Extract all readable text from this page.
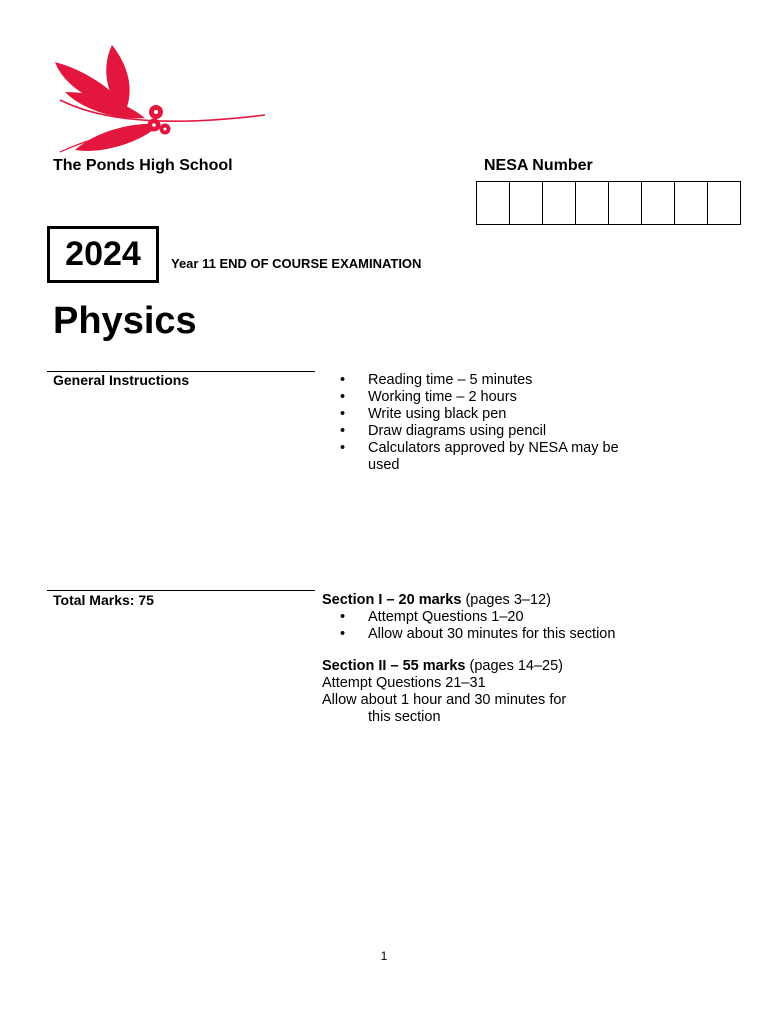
The Ponds High School	NESA Number
2024	Year 11 END OF COURSE EXAMINATION
Physics
General Instructions	• Reading time – 5 minutes
• Working time – 2 hours
• Write using black pen
• Draw diagrams using pencil
• Calculators approved by NESA may be used
Total Marks: 75	Section I – 20 marks (pages 3–12)
• Attempt Questions 1–20
• Allow about 30 minutes for this section
Section II – 55 marks (pages 14–25)
Attempt Questions 21–31
Allow about 1 hour and 30 minutes for
this section
1
